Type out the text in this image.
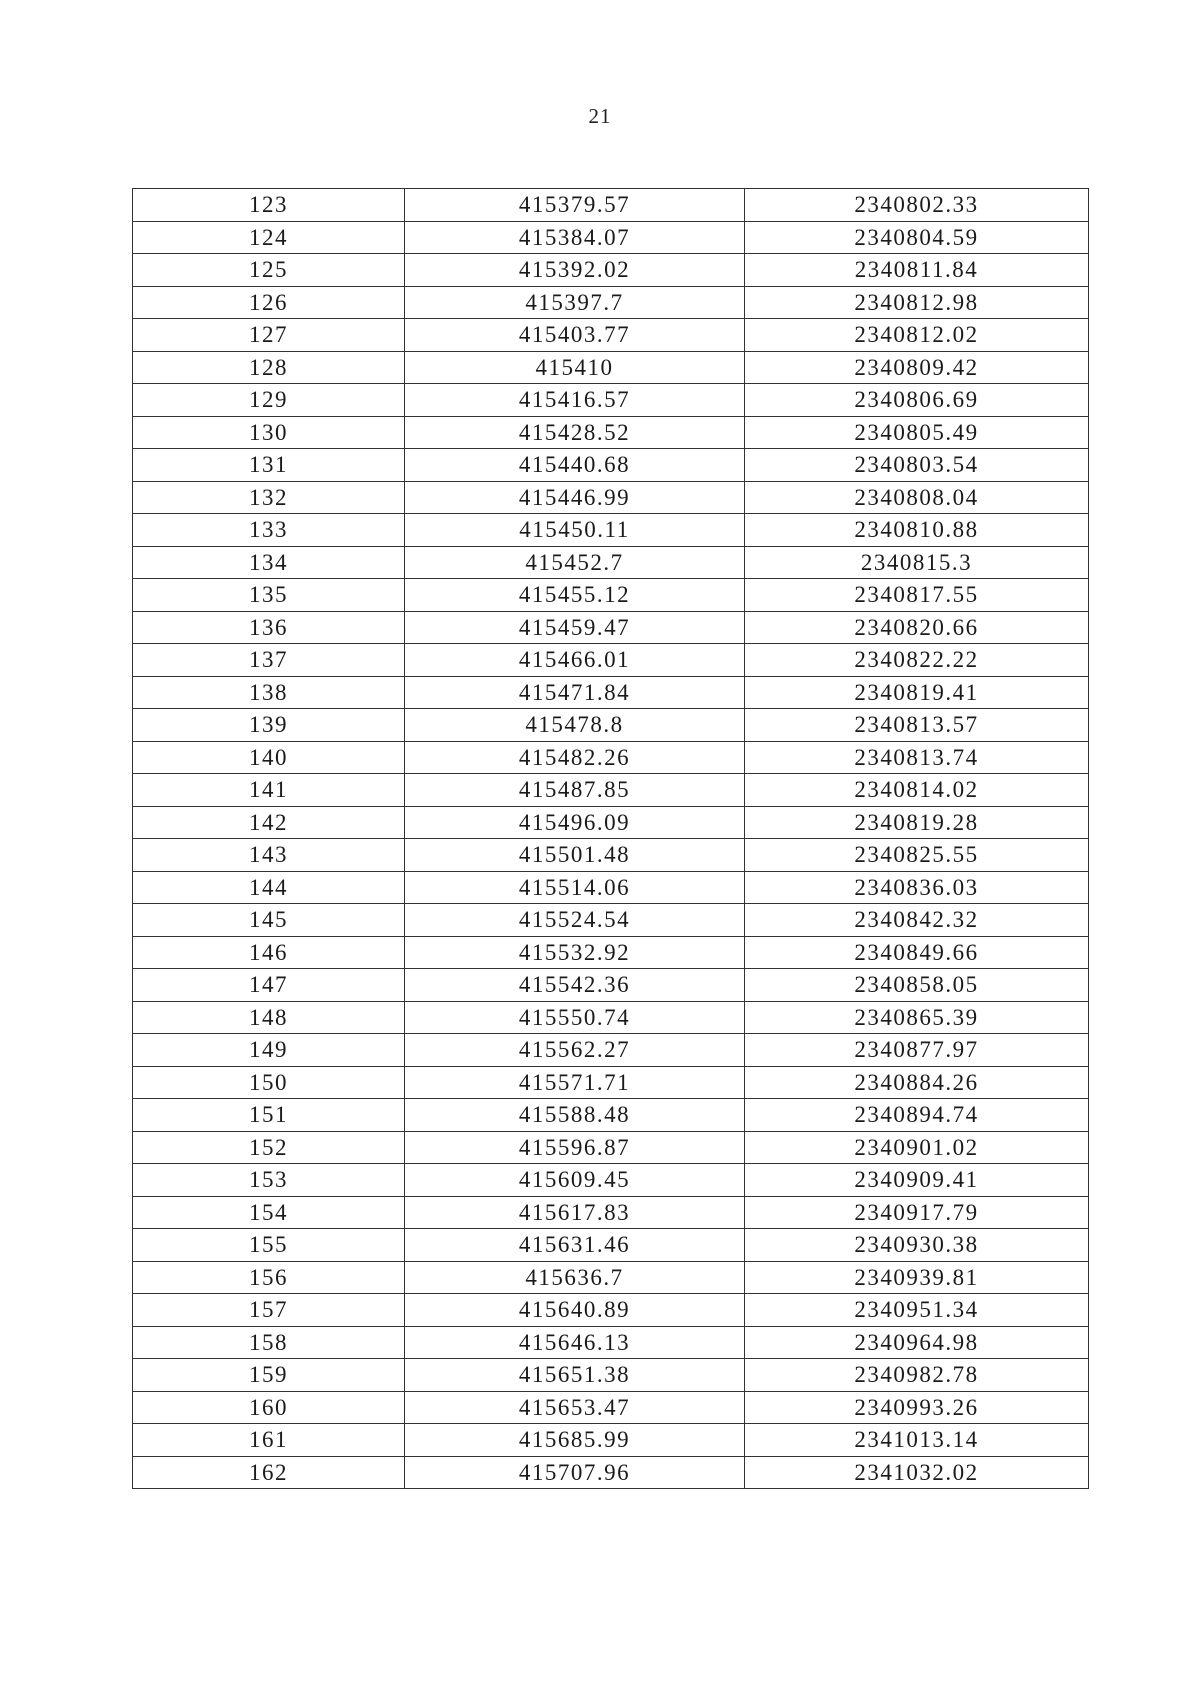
21
123	415379.57	2340802.33
124	415384.07	2340804.59
125	415392.02	2340811.84
126	415397.7	2340812.98
127	415403.77	2340812.02
128	415410	2340809.42
129	415416.57	2340806.69
130	415428.52	2340805.49
131	415440.68	2340803.54
132	415446.99	2340808.04
133	415450.11	2340810.88
134	415452.7	2340815.3
135	415455.12	2340817.55
136	415459.47	2340820.66
137	415466.01	2340822.22
138	415471.84	2340819.41
139	415478.8	2340813.57
140	415482.26	2340813.74
141	415487.85	2340814.02
142	415496.09	2340819.28
143	415501.48	2340825.55
144	415514.06	2340836.03
145	415524.54	2340842.32
146	415532.92	2340849.66
147	415542.36	2340858.05
148	415550.74	2340865.39
149	415562.27	2340877.97
150	415571.71	2340884.26
151	415588.48	2340894.74
152	415596.87	2340901.02
153	415609.45	2340909.41
154	415617.83	2340917.79
155	415631.46	2340930.38
156	415636.7	2340939.81
157	415640.89	2340951.34
158	415646.13	2340964.98
159	415651.38	2340982.78
160	415653.47	2340993.26
161	415685.99	2341013.14
162	415707.96	2341032.02
